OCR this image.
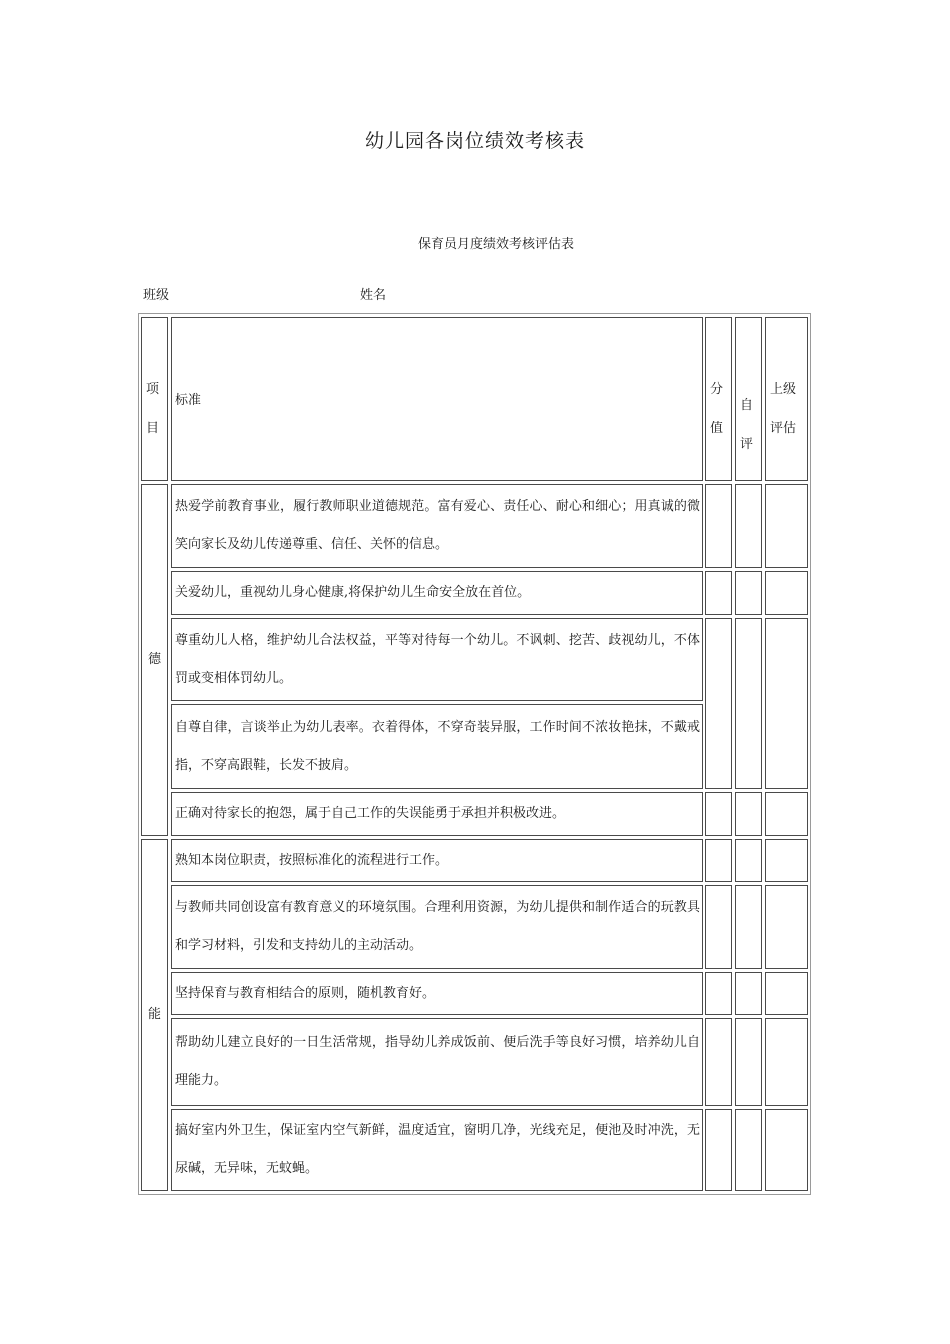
幼儿园各岗位绩效考核表
保育员月度绩效考核评估表
班级	姓名
项
目
标准
分
值
自
评
上级
评估
德
能
热爱学前教育事业，履行教师职业道德规范。富有爱心、责任心、耐心和细心；用真诚的微笑向家长及幼儿传递尊重、信任、关怀的信息。
关爱幼儿，重视幼儿身心健康,将保护幼儿生命安全放在首位。
尊重幼儿人格，维护幼儿合法权益，平等对待每一个幼儿。不讽刺、挖苦、歧视幼儿，不体罚或变相体罚幼儿。
自尊自律，言谈举止为幼儿表率。衣着得体，不穿奇装异服，工作时间不浓妆艳抹，不戴戒指，不穿高跟鞋，长发不披肩。
正确对待家长的抱怨，属于自己工作的失误能勇于承担并积极改进。
熟知本岗位职责，按照标准化的流程进行工作。
与教师共同创设富有教育意义的环境氛围。合理利用资源，为幼儿提供和制作适合的玩教具和学习材料，引发和支持幼儿的主动活动。
坚持保育与教育相结合的原则，随机教育好。
帮助幼儿建立良好的一日生活常规，指导幼儿养成饭前、便后洗手等良好习惯，培养幼儿自理能力。
搞好室内外卫生，保证室内空气新鲜，温度适宜，窗明几净，光线充足，便池及时冲洗，无尿碱，无异味，无蚊蝇。
